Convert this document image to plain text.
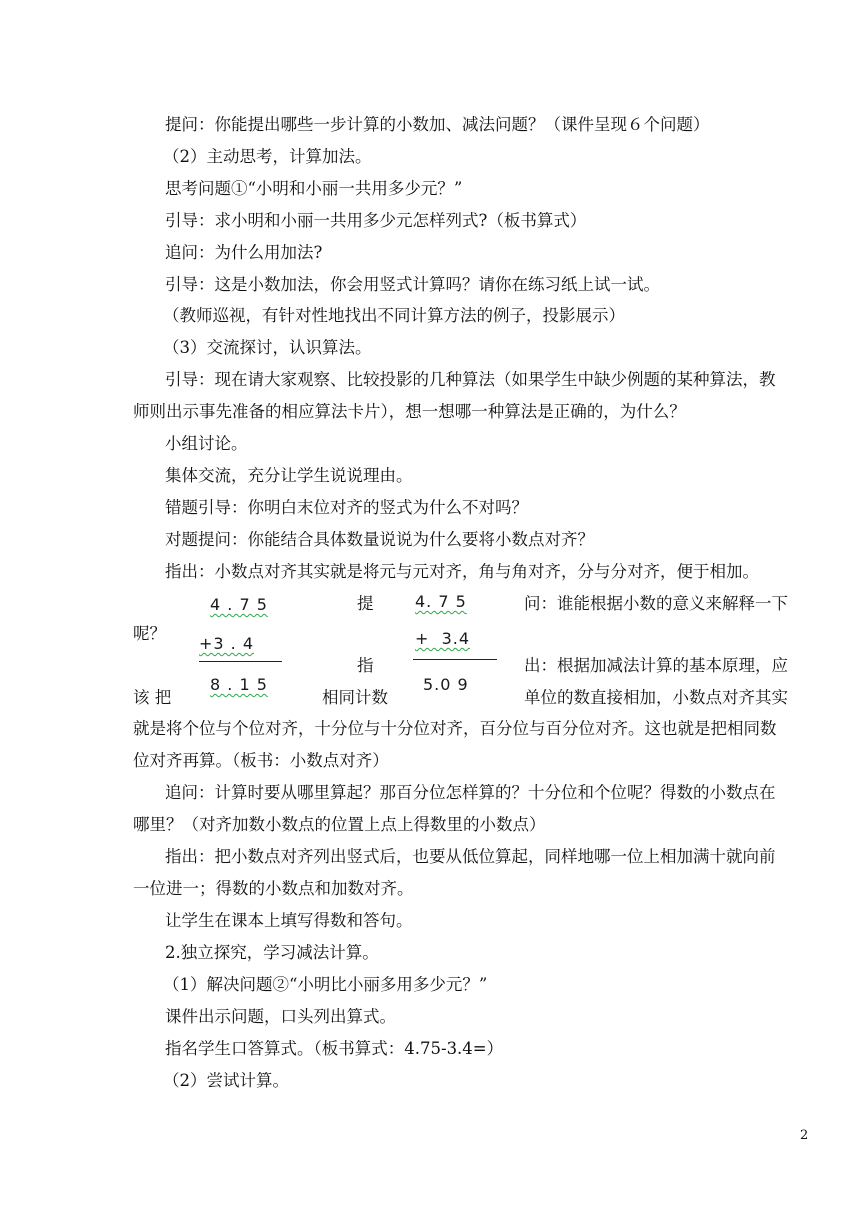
提问：你能提出哪些一步计算的小数加、减法问题？（课件呈现６个问题）
（2）主动思考，计算加法。
思考问题①“小明和小丽一共用多少元？”
引导：求小明和小丽一共用多少元怎样列式?（板书算式）
追问：为什么用加法?
引导：这是小数加法，你会用竖式计算吗？请你在练习纸上试一试。
（教师巡视，有针对性地找出不同计算方法的例子，投影展示）
（3）交流探讨，认识算法。
引导：现在请大家观察、比较投影的几种算法（如果学生中缺少例题的某种算法，教
师则出示事先准备的相应算法卡片），想一想哪一种算法是正确的，为什么？
小组讨论。
集体交流，充分让学生说说理由。
错题引导：你明白末位对齐的竖式为什么不对吗？
对题提问：你能结合具体数量说说为什么要将小数点对齐？
指出：小数点对齐其实就是将元与元对齐，角与角对齐，分与分对齐，便于相加。
4 . 7 5
+3 . 4
8 . 1 5
4. 7 5
+  3.4
5.0 9
提	问：谁能根据小数的意义来解释一下
呢？
指	出：根据加减法计算的基本原理，应
该 把	相同计数	单位的数直接相加，小数点对齐其实
就是将个位与个位对齐，十分位与十分位对齐，百分位与百分位对齐。这也就是把相同数
位对齐再算。（板书：小数点对齐）
追问：计算时要从哪里算起？那百分位怎样算的？十分位和个位呢？得数的小数点在
哪里？（对齐加数小数点的位置上点上得数里的小数点）
指出：把小数点对齐列出竖式后，也要从低位算起，同样地哪一位上相加满十就向前
一位进一；得数的小数点和加数对齐。
让学生在课本上填写得数和答句。
2.独立探究，学习减法计算。
（1）解决问题②“小明比小丽多用多少元？”
课件出示问题，口头列出算式。
指名学生口答算式。（板书算式：4.75-3.4=）
（2）尝试计算。
2
